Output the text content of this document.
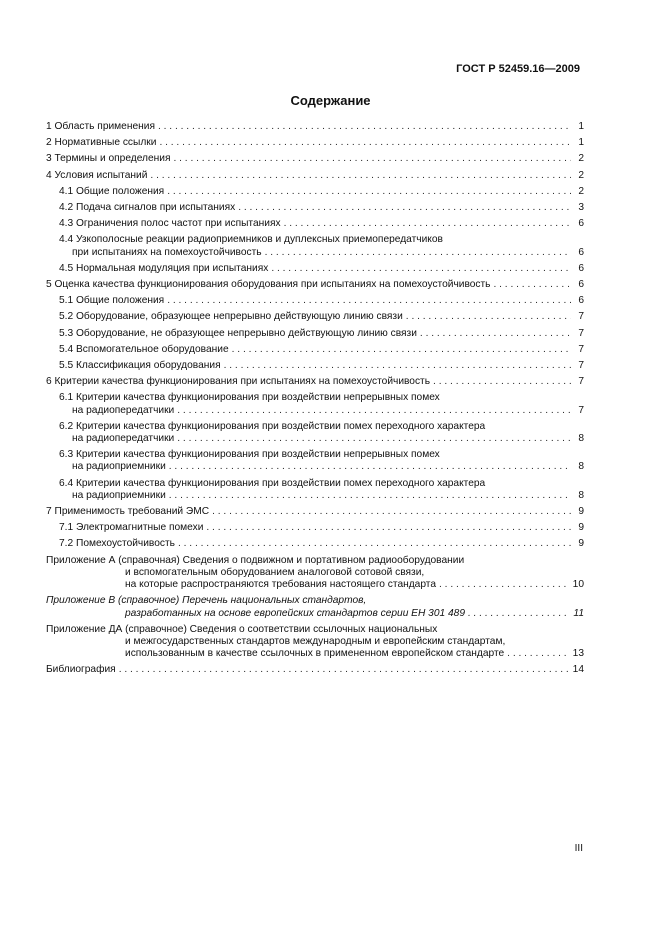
ГОСТ Р 52459.16—2009
Содержание
1 Область применения . . .	1
2 Нормативные ссылки . . .	1
3 Термины и определения . . .	2
4 Условия испытаний . . .	2
4.1 Общие положения . . .	2
4.2 Подача сигналов при испытаниях . . .	3
4.3 Ограничения полос частот при испытаниях . . .	6
4.4 Узкополосные реакции радиоприемников и дуплексных приемопередатчиков
при испытаниях на помехоустойчивость . . .	6
4.5 Нормальная модуляция при испытаниях . . .	6
5 Оценка качества функционирования оборудования при испытаниях на помехоустойчивость . . .	6
5.1 Общие положения . . .	6
5.2 Оборудование, образующее непрерывно действующую линию связи . . .	7
5.3 Оборудование, не образующее непрерывно действующую линию связи . . .	7
5.4 Вспомогательное оборудование . . .	7
5.5 Классификация оборудования . . .	7
6 Критерии качества функционирования при испытаниях на помехоустойчивость . . .	7
6.1 Критерии качества функционирования при воздействии непрерывных помех
на радиопередатчики . . .	7
6.2 Критерии качества функционирования при воздействии помех переходного характера
на радиопередатчики . . .	8
6.3 Критерии качества функционирования при воздействии непрерывных помех
на радиоприемники . . .	8
6.4 Критерии качества функционирования при воздействии помех переходного характера
на радиоприемники . . .	8
7 Применимость требований ЭМС . . .	9
7.1 Электромагнитные помехи . . .	9
7.2 Помехоустойчивость . . .	9
Приложение А (справочная) Сведения о подвижном и портативном радиооборудовании
и вспомогательным оборудованием аналоговой сотовой связи,
на которые распространяются требования настоящего стандарта . . .	10
Приложение В (справочное) Перечень национальных стандартов,
разработанных на основе европейских стандартов серии ЕН 301 489 . . .	11
Приложение ДА (справочное) Сведения о соответствии ссылочных национальных
и межгосударственных стандартов международным и европейским стандартам,
использованным в качестве ссылочных в примененном европейском стандарте . . .	13
Библиография . . .	14
III
